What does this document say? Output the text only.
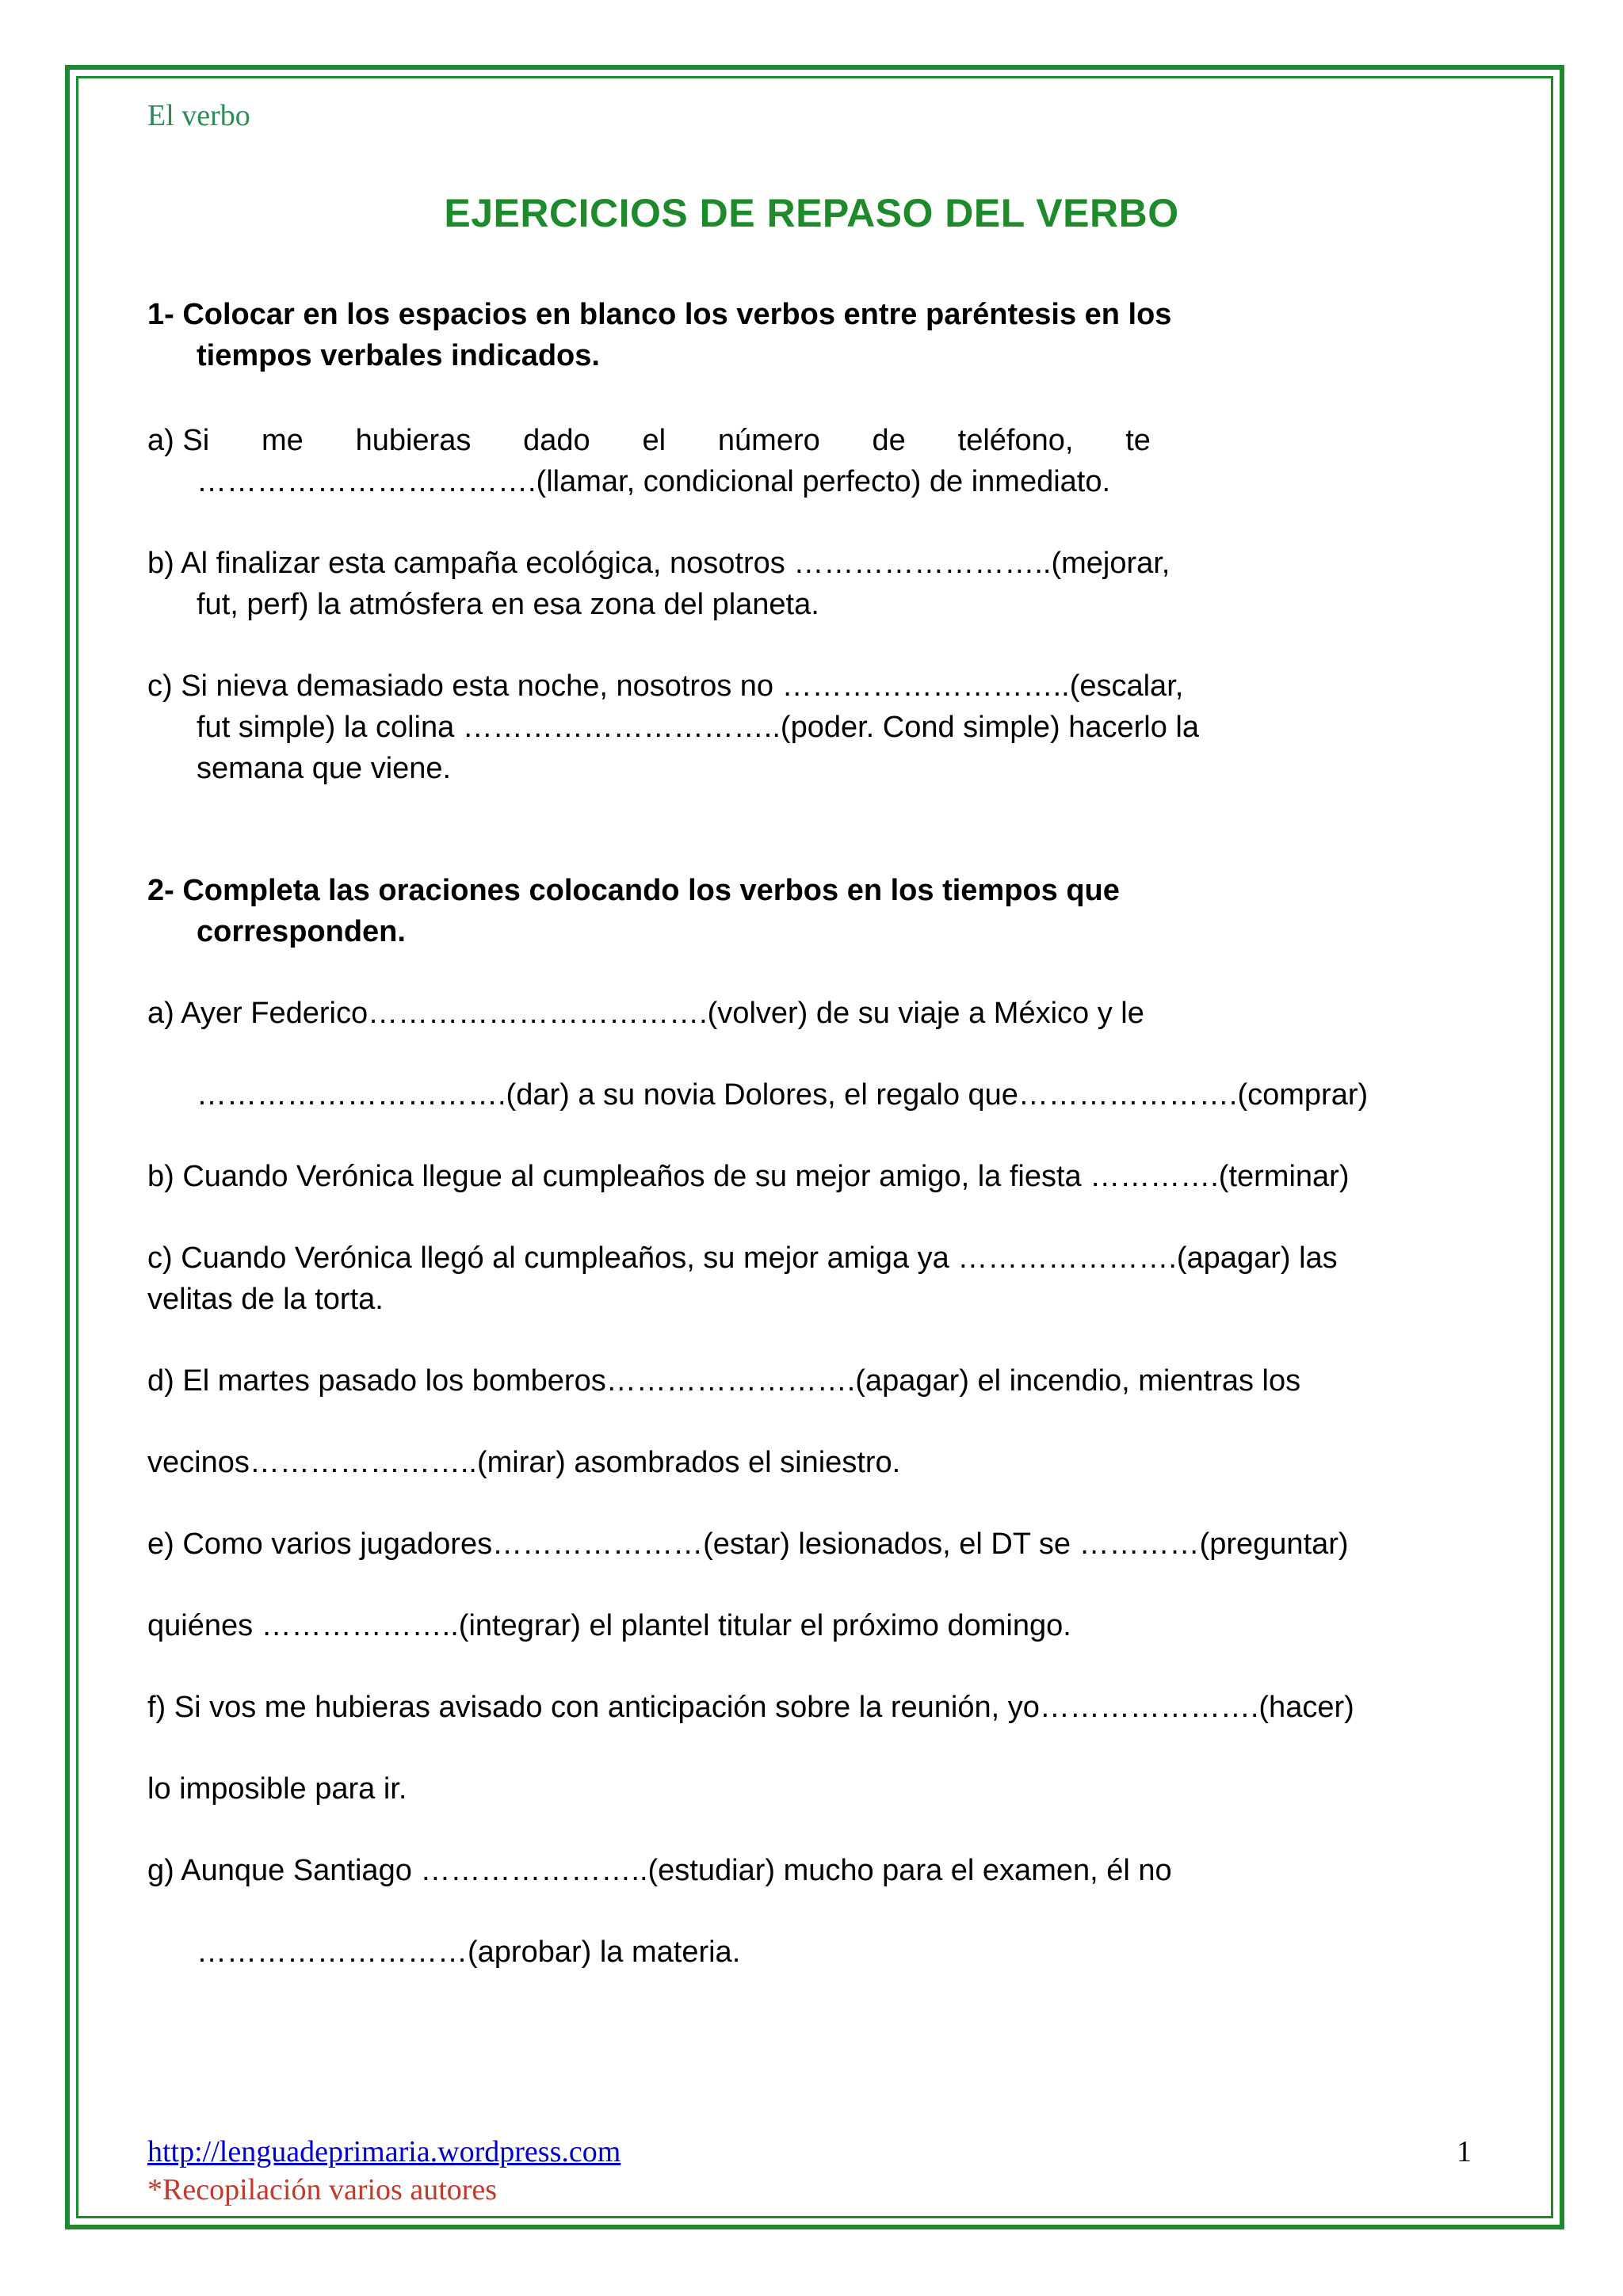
El verbo
EJERCICIOS DE REPASO DEL VERBO
1- Colocar en los espacios en blanco los verbos entre paréntesis en los
tiempos verbales indicados.
a) Si me hubieras dado el número de teléfono, te
…………………………….(llamar, condicional perfecto) de inmediato.
b) Al finalizar esta campaña ecológica, nosotros ……………………..(mejorar,
fut, perf) la atmósfera en esa zona del planeta.
c) Si nieva demasiado esta noche, nosotros no ………………………..(escalar,
fut simple) la colina …………………………..(poder. Cond simple) hacerlo la
semana que viene.
2- Completa las oraciones colocando los verbos en los tiempos que
corresponden.
a) Ayer Federico…………………………….(volver) de su viaje a México y le
………………………….(dar) a su novia Dolores, el regalo que………………….(comprar)
b) Cuando Verónica llegue al cumpleaños de su mejor amigo, la fiesta ………….(terminar)
c) Cuando Verónica llegó al cumpleaños, su mejor amiga ya ………………….(apagar) las
velitas de la torta.
d) El martes pasado los bomberos…………………….(apagar) el incendio, mientras los
vecinos…………………..(mirar) asombrados el siniestro.
e) Como varios jugadores…………………(estar) lesionados, el DT se …………(preguntar)
quiénes ………………..(integrar) el plantel titular el próximo domingo.
f) Si vos me hubieras avisado con anticipación sobre la reunión, yo………………….(hacer)
lo imposible para ir.
g) Aunque Santiago …………………..(estudiar) mucho para el examen, él no
………………………(aprobar) la materia.
http://lenguadeprimaria.wordpress.com
*Recopilación varios autores
1
